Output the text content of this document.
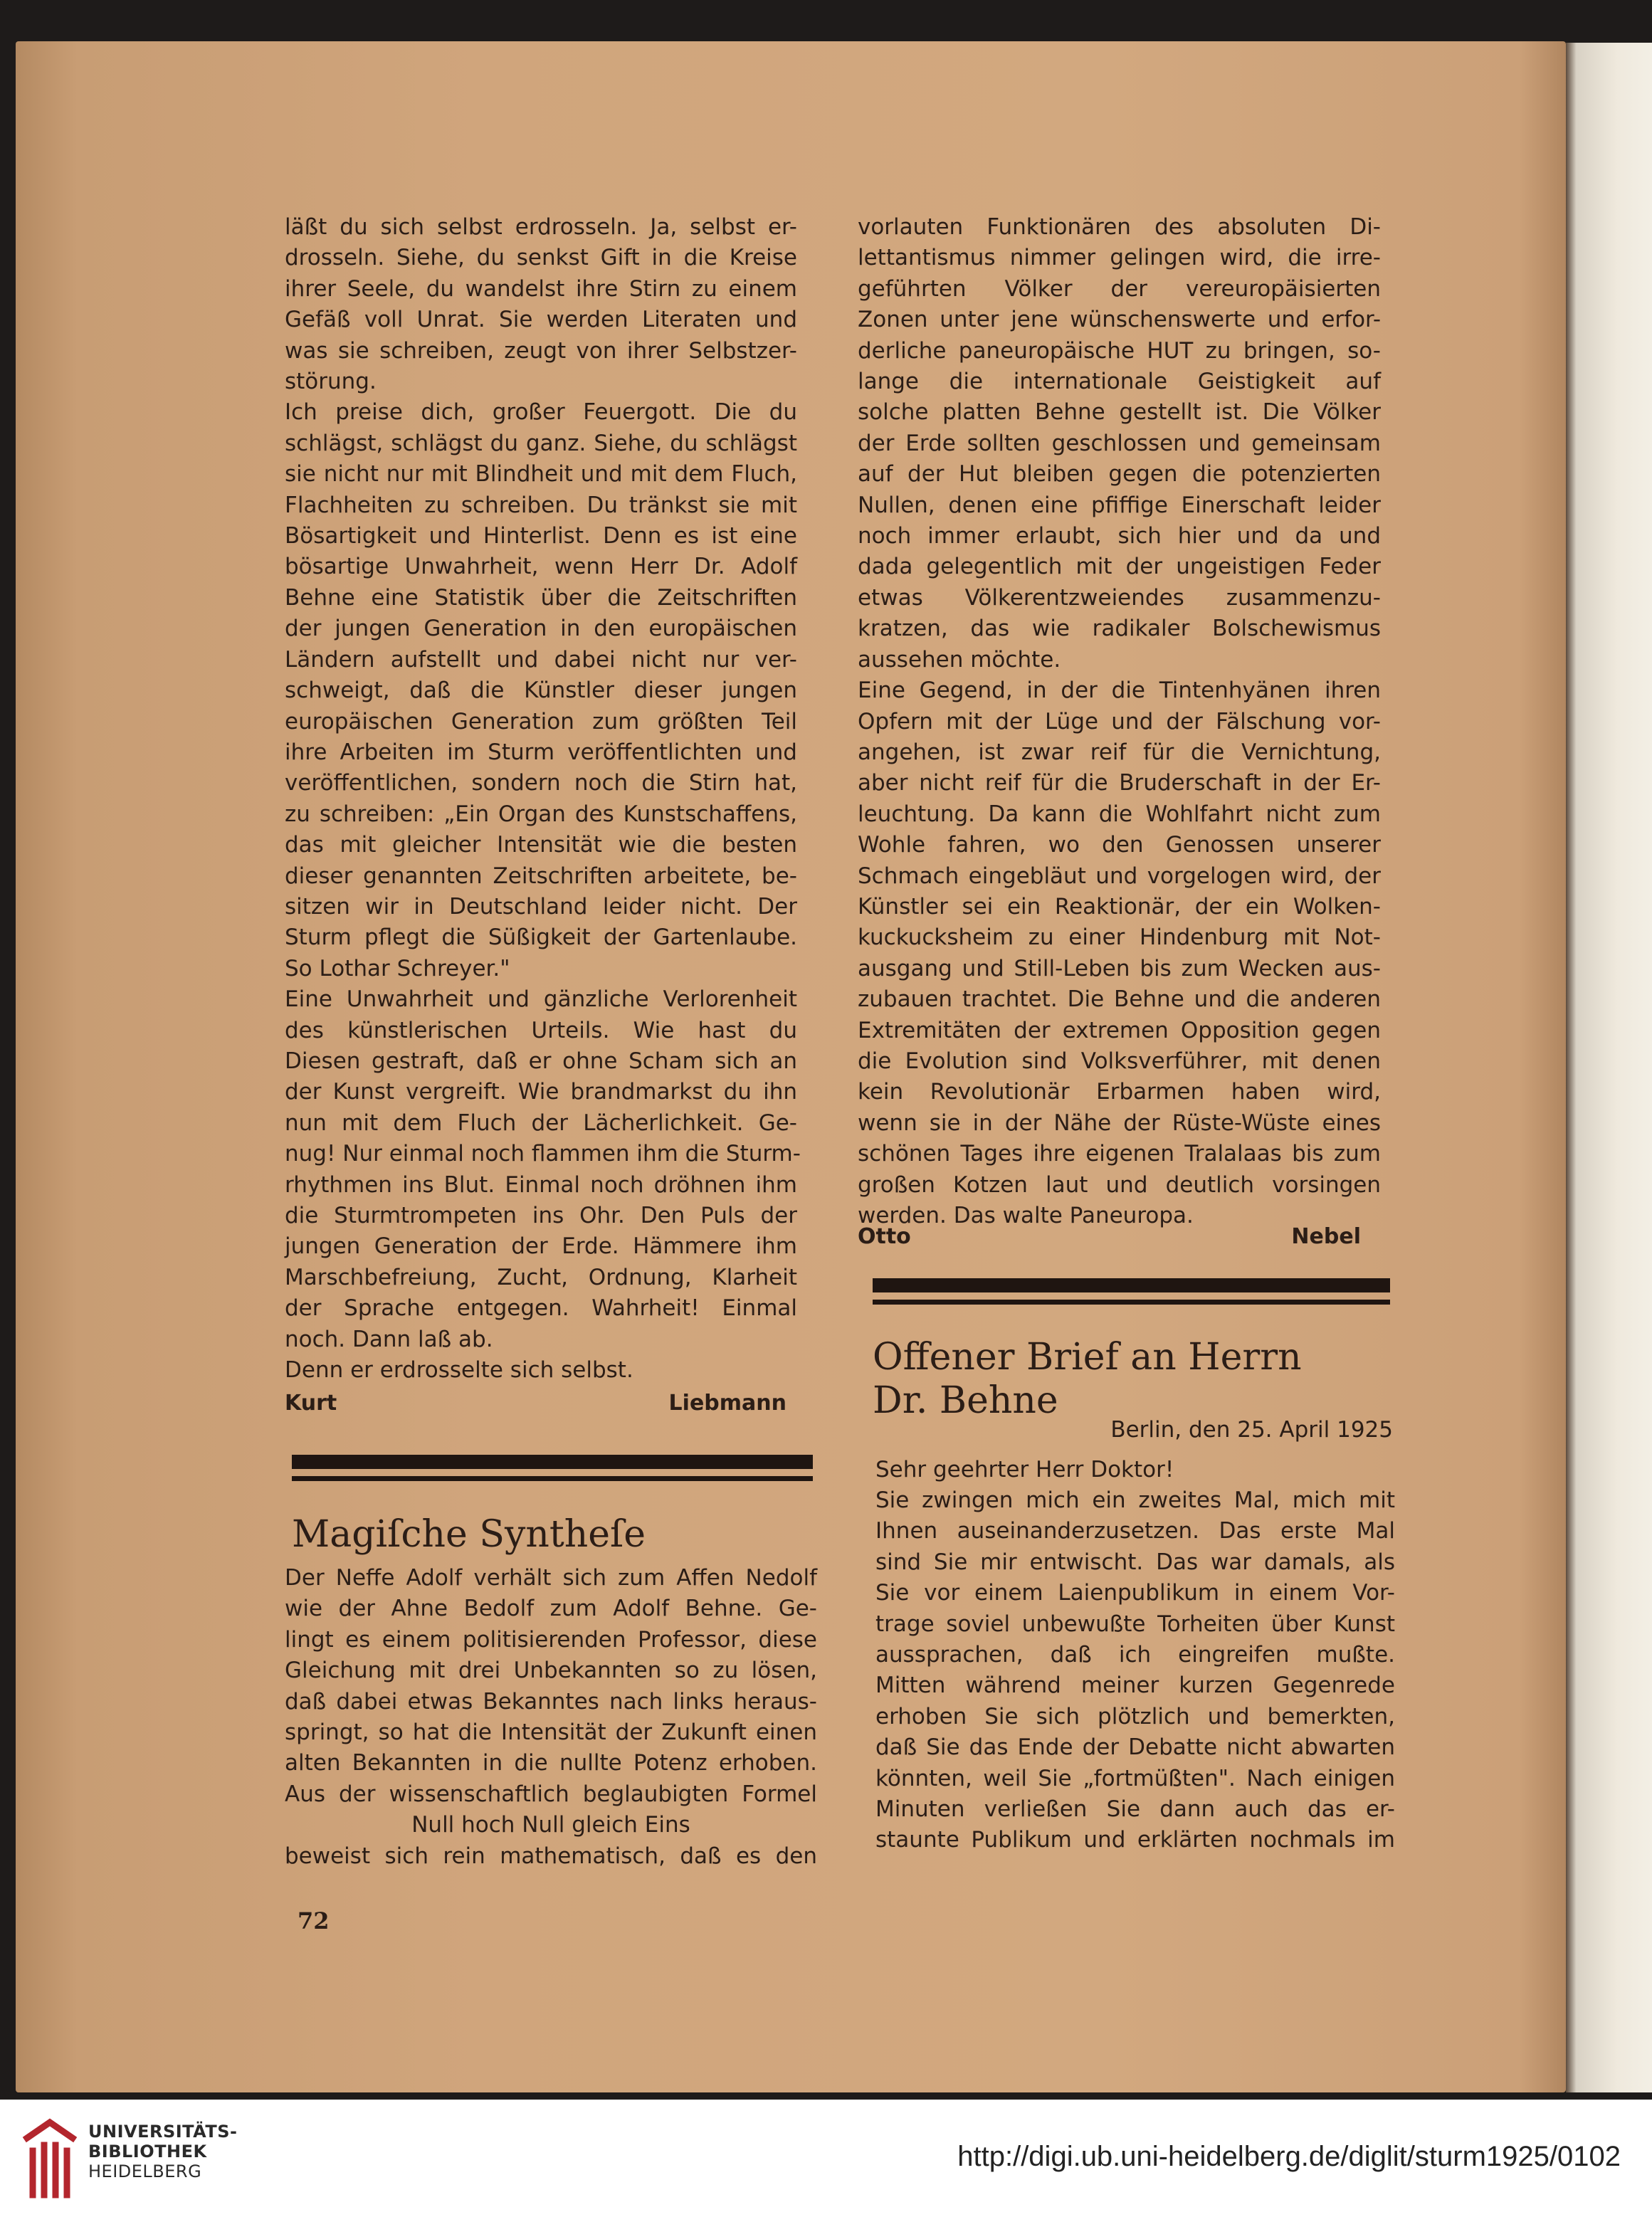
läßt du sich selbst erdrosseln. Ja, selbst er-

drosseln. Siehe, du senkst Gift in die Kreise

ihrer Seele, du wandelst ihre Stirn zu einem

Gefäß voll Unrat. Sie werden Literaten und

was sie schreiben, zeugt von ihrer Selbstzer-

störung.

Ich preise dich, großer Feuergott. Die du

schlägst, schlägst du ganz. Siehe, du schlägst

sie nicht nur mit Blindheit und mit dem Fluch,

Flachheiten zu schreiben. Du tränkst sie mit

Bösartigkeit und Hinterlist. Denn es ist eine

bösartige Unwahrheit, wenn Herr Dr. Adolf

Behne eine Statistik über die Zeitschriften

der jungen Generation in den europäischen

Ländern aufstellt und dabei nicht nur ver-

schweigt, daß die Künstler dieser jungen

europäischen Generation zum größten Teil

ihre Arbeiten im Sturm veröffentlichten und

veröffentlichen, sondern noch die Stirn hat,

zu schreiben: „Ein Organ des Kunstschaffens,

das mit gleicher Intensität wie die besten

dieser genannten Zeitschriften arbeitete, be-

sitzen wir in Deutschland leider nicht. Der

Sturm pflegt die Süßigkeit der Gartenlaube.

So Lothar Schreyer."

Eine Unwahrheit und gänzliche Verlorenheit

des künstlerischen Urteils. Wie hast du

Diesen gestraft, daß er ohne Scham sich an

der Kunst vergreift. Wie brandmarkst du ihn

nun mit dem Fluch der Lächerlichkeit. Ge-

nug! Nur einmal noch flammen ihm die Sturm-

rhythmen ins Blut. Einmal noch dröhnen ihm

die Sturmtrompeten ins Ohr. Den Puls der

jungen Generation der Erde. Hämmere ihm

Marschbefreiung, Zucht, Ordnung, Klarheit

der Sprache entgegen. Wahrheit! Einmal

noch. Dann laß ab.

Denn er erdrosselte sich selbst.

Kurt Liebmann

Magiſche Syntheſe

Der Neffe Adolf verhält sich zum Affen Nedolf

wie der Ahne Bedolf zum Adolf Behne. Ge-

lingt es einem politisierenden Professor, diese

Gleichung mit drei Unbekannten so zu lösen,

daß dabei etwas Bekanntes nach links heraus-

springt, so hat die Intensität der Zukunft einen

alten Bekannten in die nullte Potenz erhoben.

Aus der wissenschaftlich beglaubigten Formel

Null hoch Null gleich Eins

beweist sich rein mathematisch, daß es den

vorlauten Funktionären des absoluten Di-

lettantismus nimmer gelingen wird, die irre-

geführten Völker der vereuropäisierten

Zonen unter jene wünschenswerte und erfor-

derliche paneuropäische HUT zu bringen, so-

lange die internationale Geistigkeit auf

solche platten Behne gestellt ist. Die Völker

der Erde sollten geschlossen und gemeinsam

auf der Hut bleiben gegen die potenzierten

Nullen, denen eine pfiffige Einerschaft leider

noch immer erlaubt, sich hier und da und

dada gelegentlich mit der ungeistigen Feder

etwas Völkerentzweiendes zusammenzu-

kratzen, das wie radikaler Bolschewismus

aussehen möchte.

Eine Gegend, in der die Tintenhyänen ihren

Opfern mit der Lüge und der Fälschung vor-

angehen, ist zwar reif für die Vernichtung,

aber nicht reif für die Bruderschaft in der Er-

leuchtung. Da kann die Wohlfahrt nicht zum

Wohle fahren, wo den Genossen unserer

Schmach eingebläut und vorgelogen wird, der

Künstler sei ein Reaktionär, der ein Wolken-

kuckucksheim zu einer Hindenburg mit Not-

ausgang und Still-Leben bis zum Wecken aus-

zubauen trachtet. Die Behne und die anderen

Extremitäten der extremen Opposition gegen

die Evolution sind Volksverführer, mit denen

kein Revolutionär Erbarmen haben wird,

wenn sie in der Nähe der Rüste-Wüste eines

schönen Tages ihre eigenen Tralalaas bis zum

großen Kotzen laut und deutlich vorsingen

werden. Das walte Paneuropa.

Otto Nebel

Offener Brief an Herrn
Dr. Behne

Berlin, den 25. April 1925

Sehr geehrter Herr Doktor!

Sie zwingen mich ein zweites Mal, mich mit

Ihnen auseinanderzusetzen. Das erste Mal

sind Sie mir entwischt. Das war damals, als

Sie vor einem Laienpublikum in einem Vor-

trage soviel unbewußte Torheiten über Kunst

aussprachen, daß ich eingreifen mußte.

Mitten während meiner kurzen Gegenrede

erhoben Sie sich plötzlich und bemerkten,

daß Sie das Ende der Debatte nicht abwarten

könnten, weil Sie „fortmüßten". Nach einigen

Minuten verließen Sie dann auch das er-

staunte Publikum und erklärten nochmals im

72
UNIVERSITÄTS-
BIBLIOTHEK
HEIDELBERG	http://digi.ub.uni-heidelberg.de/diglit/sturm1925/0102
